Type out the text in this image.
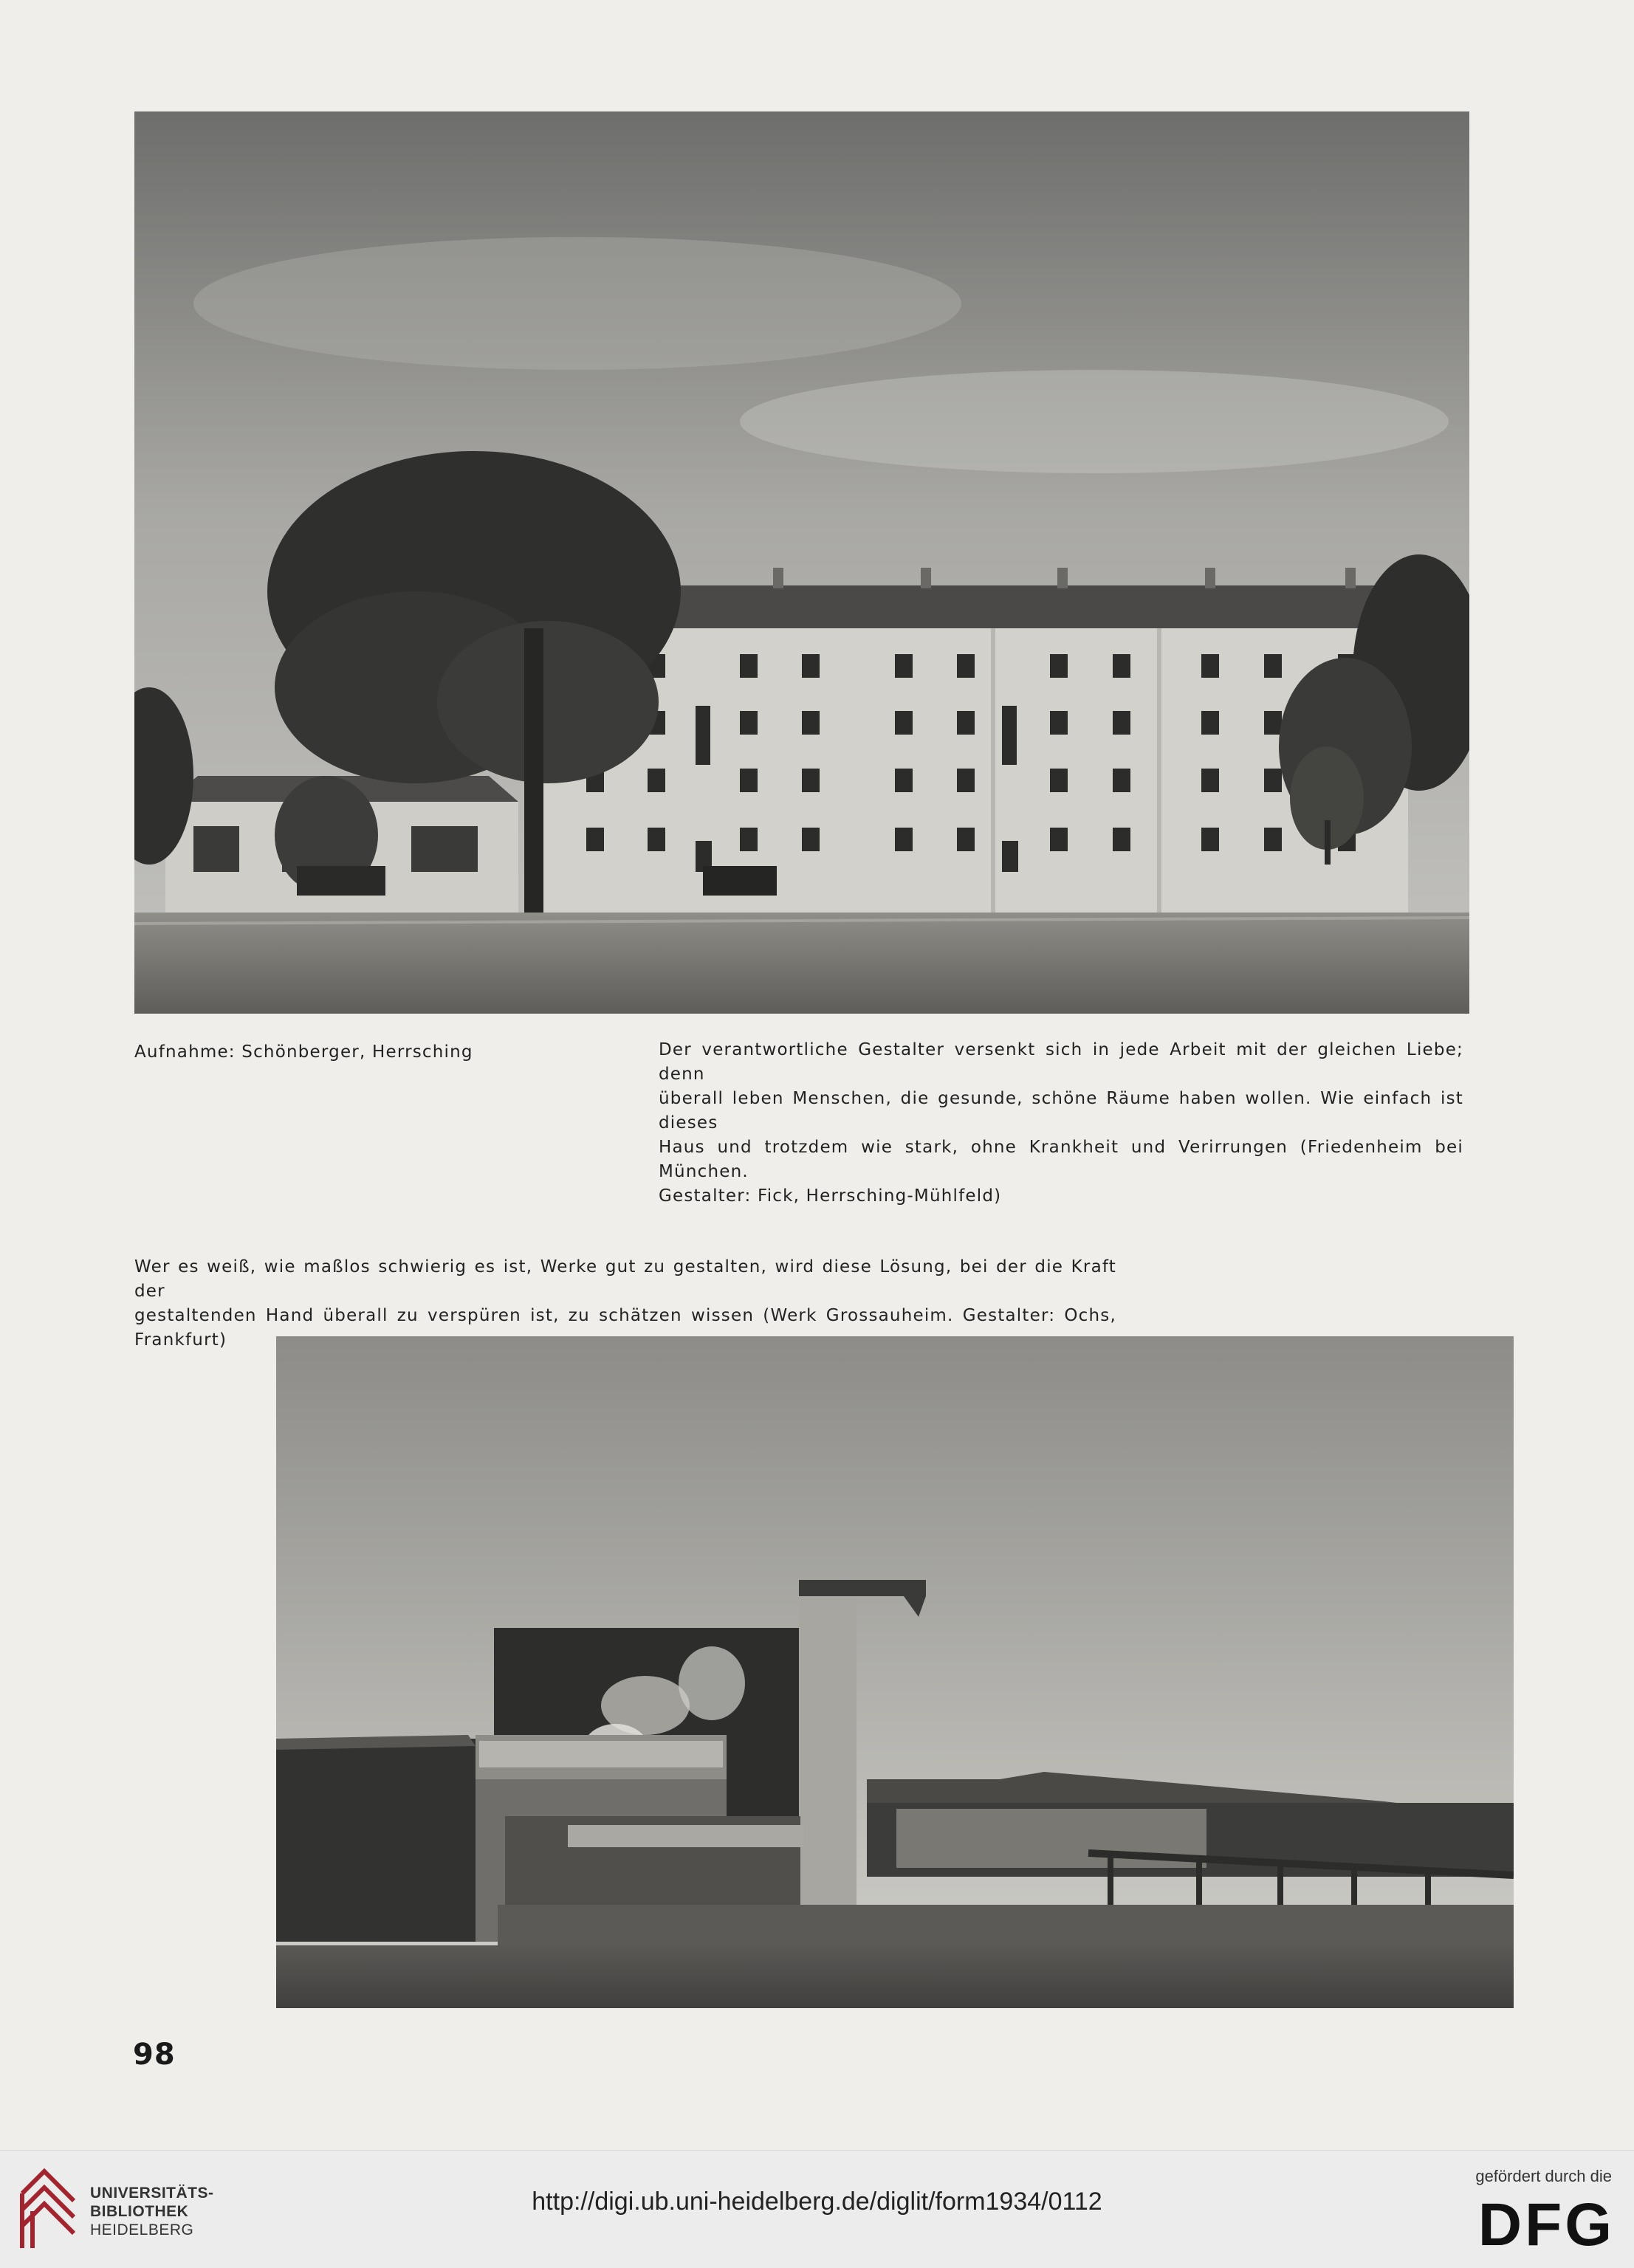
Aufnahme: Schönberger, Herrsching	Der verantwortliche Gestalter versenkt sich in jede Arbeit mit der gleichen Liebe; denn
überall leben Menschen, die gesunde, schöne Räume haben wollen. Wie einfach ist dieses
Haus und trotzdem wie stark, ohne Krankheit und Verirrungen (Friedenheim bei München.
Gestalter: Fick, Herrsching-Mühlfeld)
Wer es weiß, wie maßlos schwierig es ist, Werke gut zu gestalten, wird diese Lösung, bei der die Kraft der
gestaltenden Hand überall zu verspüren ist, zu schätzen wissen (Werk Grossauheim. Gestalter: Ochs, Frankfurt)
98
UNIVERSITÄTS-
BIBLIOTHEK
HEIDELBERG
http://digi.ub.uni-heidelberg.de/diglit/form1934/0112
gefördert durch die
DFG
